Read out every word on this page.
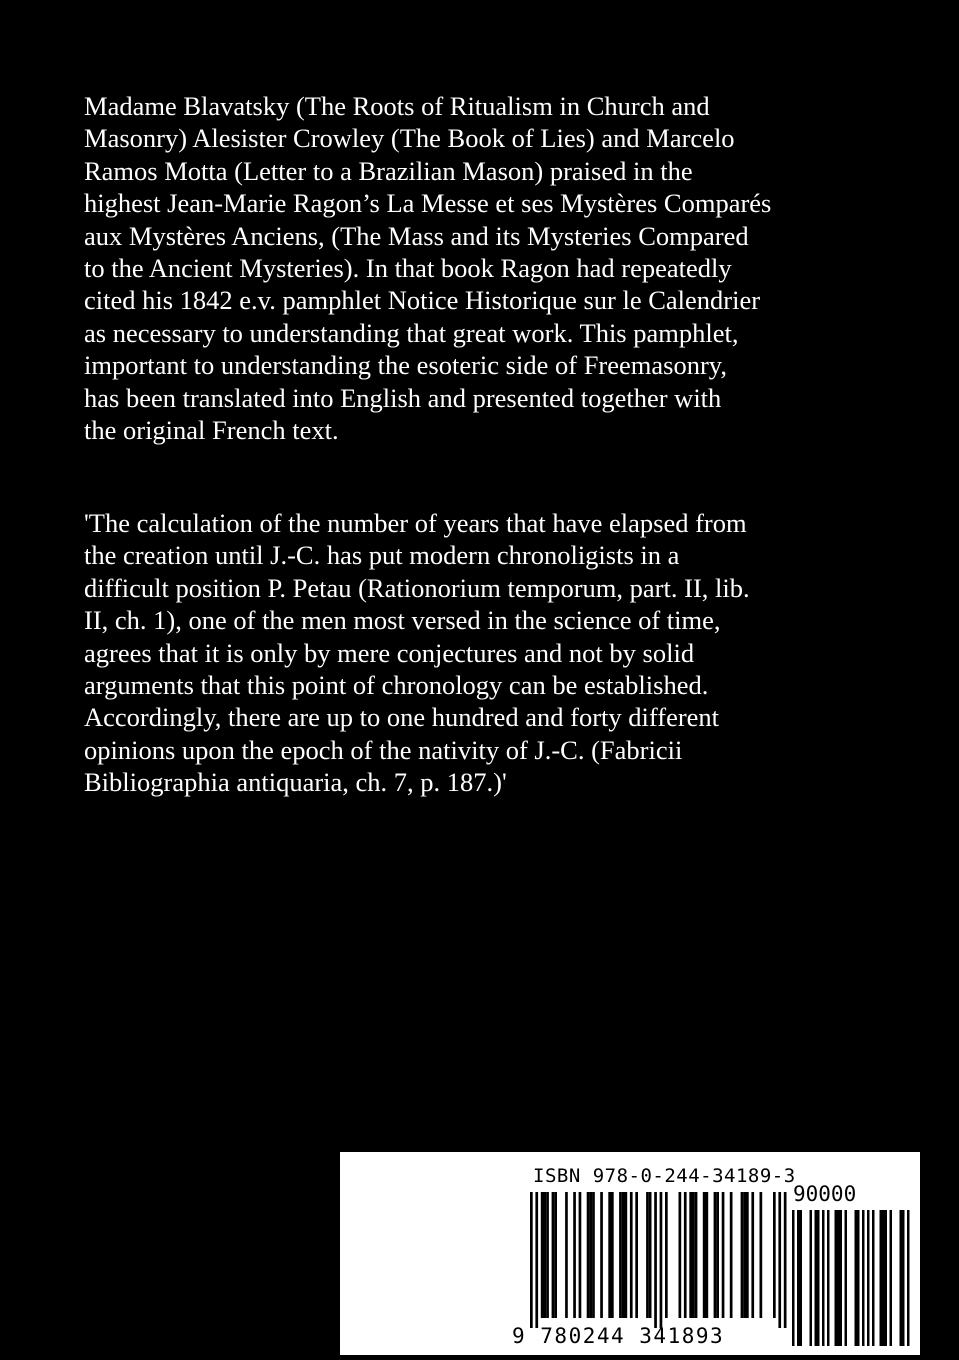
Madame Blavatsky (The Roots of Ritualism in Church and
Masonry) Alesister Crowley (The Book of Lies) and Marcelo
Ramos Motta (Letter to a Brazilian Mason) praised in the
highest Jean-Marie Ragon’s La Messe et ses Mystères Comparés
aux Mystères Anciens, (The Mass and its Mysteries Compared
to the Ancient Mysteries). In that book Ragon had repeatedly
cited his 1842 e.v. pamphlet Notice Historique sur le Calendrier
as necessary to understanding that great work. This pamphlet,
important to understanding the esoteric side of Freemasonry,
has been translated into English and presented together with
the original French text.
'The calculation of the number of years that have elapsed from
the creation until J.-C. has put modern chronoligists in a
difficult position P. Petau (Rationorium temporum, part. II, lib.
II, ch. 1), one of the men most versed in the science of time,
agrees that it is only by mere conjectures and not by solid
arguments that this point of chronology can be established.
Accordingly, there are up to one hundred and forty different
opinions upon the epoch of the nativity of J.-C. (Fabricii
Bibliographia antiquaria, ch. 7, p. 187.)'
ISBN 978-0-244-34189-3
90000
9 780244 341893
